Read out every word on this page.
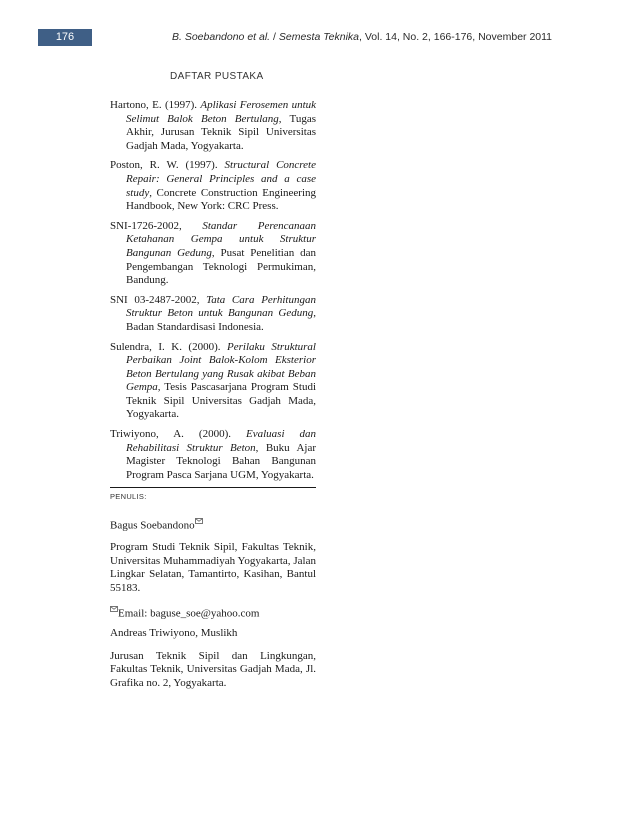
176	B. Soebandono et al. / Semesta Teknika, Vol. 14, No. 2, 166-176, November 2011
DAFTAR PUSTAKA

Hartono, E. (1997). Aplikasi Ferosemen untuk Selimut Balok Beton Bertulang, Tugas Akhir, Jurusan Teknik Sipil Universitas Gadjah Mada, Yogyakarta.

Poston, R. W. (1997). Structural Concrete Repair: General Principles and a case study, Concrete Construction Engineering Handbook, New York: CRC Press.

SNI-1726-2002, Standar Perencanaan Ketahanan Gempa untuk Struktur Bangunan Gedung, Pusat Penelitian dan Pengembangan Teknologi Permukiman, Bandung.

SNI 03-2487-2002, Tata Cara Perhitungan Struktur Beton untuk Bangunan Gedung, Badan Standardisasi Indonesia.

Sulendra, I. K. (2000). Perilaku Struktural Perbaikan Joint Balok-Kolom Eksterior Beton Bertulang yang Rusak akibat Beban Gempa, Tesis Pascasarjana Program Studi Teknik Sipil Universitas Gadjah Mada, Yogyakarta.

Triwiyono, A. (2000). Evaluasi dan Rehabilitasi Struktur Beton, Buku Ajar Magister Teknologi Bahan Bangunan Program Pasca Sarjana UGM, Yogyakarta.

PENULIS:

Bagus Soebandono

Program Studi Teknik Sipil, Fakultas Teknik, Universitas Muhammadiyah Yogyakarta, Jalan Lingkar Selatan, Tamantirto, Kasihan, Bantul 55183.

Email: baguse_soe@yahoo.com

Andreas Triwiyono, Muslikh

Jurusan Teknik Sipil dan Lingkungan, Fakultas Teknik, Universitas Gadjah Mada, Jl. Grafika no. 2, Yogyakarta.
